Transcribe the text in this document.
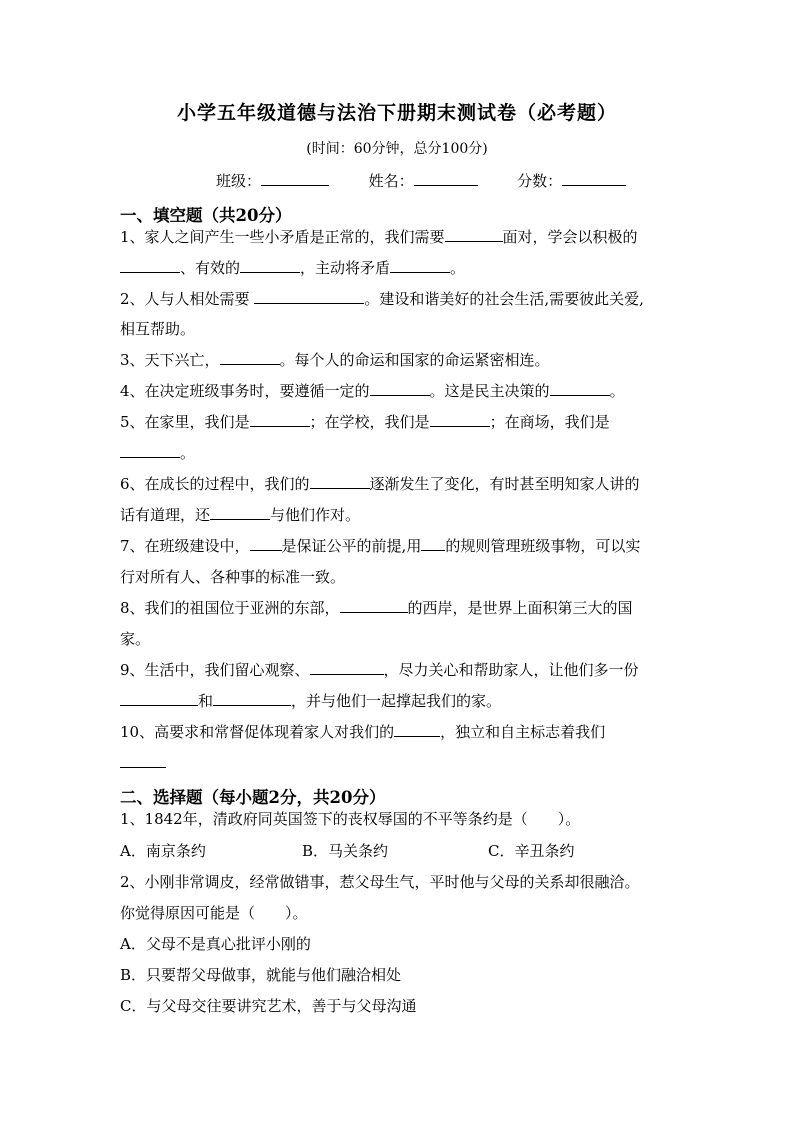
小学五年级道德与法治下册期末测试卷（必考题）
(时间：60分钟，总分100分)
班级：	姓名：	分数：
一、填空题（共20分）
1、家人之间产生一些小矛盾是正常的，我们需要	面对，学会以积极的
、有效的	，主动将矛盾	。
2、人与人相处需要	。建设和谐美好的社会生活,需要彼此关爱,
相互帮助。
3、天下兴亡，	。每个人的命运和国家的命运紧密相连。
4、在决定班级事务时，要遵循一定的	。这是民主决策的	。
5、在家里，我们是	；在学校，我们是	；在商场，我们是
。
6、在成长的过程中，我们的	逐渐发生了变化，有时甚至明知家人讲的
话有道理，还	与他们作对。
7、在班级建设中， 是保证公平的前提,用 的规则管理班级事物，可以实
行对所有人、各种事的标准一致。
8、我们的祖国位于亚洲的东部，	的西岸，是世界上面积第三大的国
家。
9、生活中，我们留心观察、	，尽力关心和帮助家人，让他们多一份
和	，并与他们一起撑起我们的家。
10、高要求和常督促体现着家人对我们的	，独立和自主标志着我们
二、选择题（每小题2分，共20分）
1、1842年，清政府同英国签下的丧权辱国的不平等条约是（　　）。
A．南京条约	B．马关条约	C．辛丑条约
2、小刚非常调皮，经常做错事，惹父母生气，平时他与父母的关系却很融洽。
你觉得原因可能是（　　）。
A．父母不是真心批评小刚的
B．只要帮父母做事，就能与他们融洽相处
C．与父母交往要讲究艺术，善于与父母沟通
